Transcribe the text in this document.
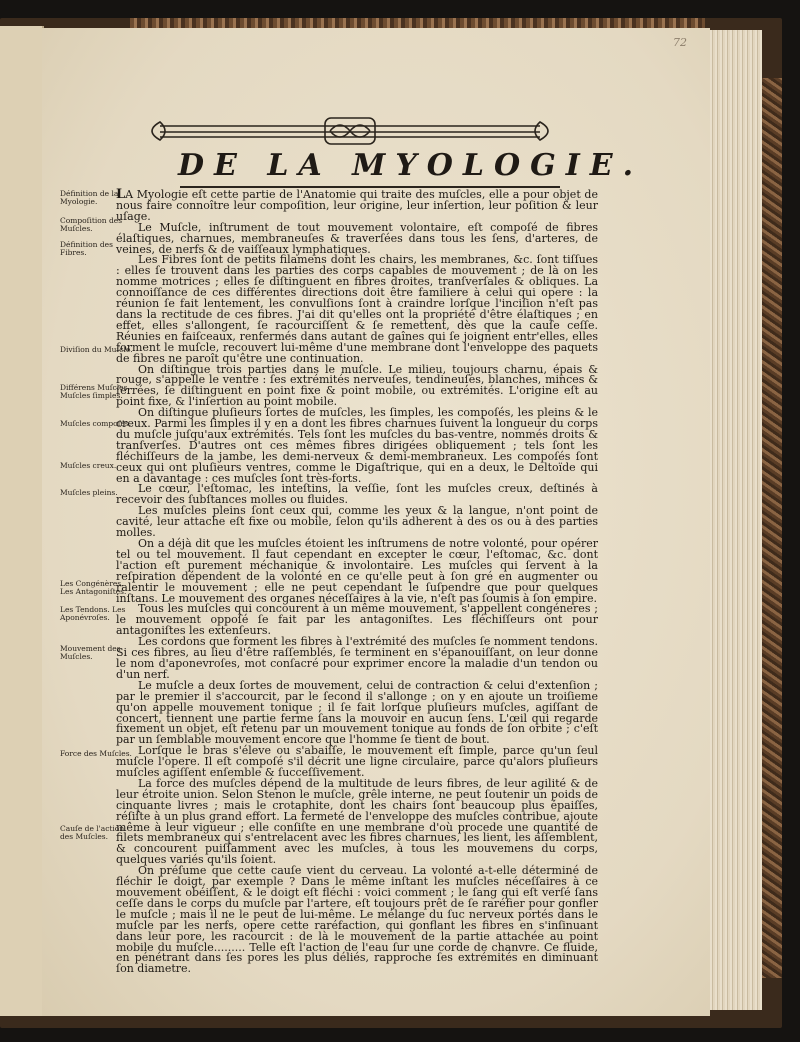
72
DE LA MYOLOGIE.
Définition de la Myologie.
Compoſition des Muſcles.
Définition des Fibres.
Diviſion du Muſcle.
Différens Muſcles. Muſcles ſimples.
Muſcles compoſés.
Muſcles creux.
Muſcles pleins.
Les Congénères. Les Antagoniſtes.
Les Tendons. Les Aponévroſes.
Mouvement des Muſcles.
Force des Muſcles.
Cauſe de l'action des Muſcles.

LA Myologie eſt cette partie de l'Anatomie qui traite des muſcles, elle a pour objet de nous faire connoître leur compoſition, leur origine, leur inſertion, leur poſition & leur uſage.

Le Muſcle, inſtrument de tout mouvement volontaire, eſt compoſé de fibres élaſtiques, charnues, membraneuſes & traverſées dans tous les ſens, d'arteres, de veines, de nerfs & de vaiſſeaux lymphatiques.

Les Fibres ſont de petits filamens dont les chairs, les membranes, &c. ſont tiſſues : elles ſe trouvent dans les parties des corps capables de mouvement ; de là on les nomme motrices ; elles ſe diſtinguent en fibres droites, tranſverſales & obliques. La connoiſſance de ces différentes directions doit être familiere à celui qui opere : la réunion ſe fait lentement, les convulſions ſont à craindre lorſque l'inciſion n'eſt pas dans la rectitude de ces fibres. J'ai dit qu'elles ont la propriété d'être élaſtiques ; en effet, elles s'allongent, ſe racourciſſent & ſe remettent, dès que la cauſe ceſſe. Réunies en faiſceaux, renfermés dans autant de gaînes qui ſe joignent entr'elles, elles forment le muſcle, recouvert lui-même d'une membrane dont l'enveloppe des paquets de fibres ne paroît qu'être une continuation.

On diſtingue trois parties dans le muſcle. Le milieu, toujours charnu, épais & rouge, s'appelle le ventre : ſes extrémités nerveuſes, tendineuſes, blanches, minces & ſerrées, ſe diſtinguent en point fixe & point mobile, ou extrémités. L'origine eſt au point fixe, & l'inſertion au point mobile.

On diſtingue pluſieurs ſortes de muſcles, les ſimples, les compoſés, les pleins & le creux. Parmi les ſimples il y en a dont les fibres charnues ſuivent la longueur du corps du muſcle juſqu'aux extrémités. Tels ſont les muſcles du bas-ventre, nommés droits & tranſverſes. D'autres ont ces mêmes fibres dirigées obliquement ; tels ſont les fléchiſſeurs de la jambe, les demi-nerveux & demi-membraneux. Les compoſés ſont ceux qui ont pluſieurs ventres, comme le Digaſtrique, qui en a deux, le Deltoïde qui en a davantage : ces muſcles ſont très-forts.

Le cœur, l'eſtomac, les inteſtins, la veſſie, ſont les muſcles creux, deſtinés à recevoir des ſubſtances molles ou fluides.

Les muſcles pleins ſont ceux qui, comme les yeux & la langue, n'ont point de cavité, leur attache eſt fixe ou mobile, ſelon qu'ils adherent à des os ou à des parties molles.

On a déjà dit que les muſcles étoient les inſtrumens de notre volonté, pour opérer tel ou tel mouvement. Il faut cependant en excepter le cœur, l'eſtomac, &c. dont l'action eſt purement méchanique & involontaire. Les muſcles qui ſervent à la reſpiration dépendent de la volonté en ce qu'elle peut à ſon gré en augmenter ou ralentir le mouvement ; elle ne peut cependant le ſuſpendre que pour quelques inſtans. Le mouvement des organes néceſſaires à la vie, n'eſt pas ſoumis à ſon empire.

Tous les muſcles qui concourent à un même mouvement, s'appellent congéneres ; le mouvement oppoſé ſe fait par les antagoniſtes. Les fléchiſſeurs ont pour antagoniſtes les extenſeurs.

Les cordons que forment les fibres à l'extrémité des muſcles ſe nomment tendons. Si ces fibres, au lieu d'être raſſemblés, ſe terminent en s'épanouiſſant, on leur donne le nom d'aponevroſes, mot conſacré pour exprimer encore la maladie d'un tendon ou d'un nerf.

Le muſcle a deux ſortes de mouvement, celui de contraction & celui d'extenſion ; par le premier il s'accourcit, par le ſecond il s'allonge ; on y en ajoute un troiſieme qu'on appelle mouvement tonique ; il ſe fait lorſque pluſieurs muſcles, agiſſant de concert, tiennent une partie ferme ſans la mouvoir en aucun ſens. L'œil qui regarde fixement un objet, eſt retenu par un mouvement tonique au fonds de ſon orbite ; c'eſt par un ſemblable mouvement encore que l'homme ſe tient de bout.

Lorſque le bras s'éleve ou s'abaiſſe, le mouvement eſt ſimple, parce qu'un ſeul muſcle l'opere. Il eſt compoſé s'il décrit une ligne circulaire, parce qu'alors pluſieurs muſcles agiſſent enſemble & ſucceſſivement.

La force des muſcles dépend de la multitude de leurs fibres, de leur agilité & de leur étroite union. Selon Stenon le muſcle, grêle interne, ne peut ſoutenir un poids de cinquante livres ; mais le crotaphite, dont les chairs ſont beaucoup plus épaiſſes, réſiſte à un plus grand effort. La fermeté de l'enveloppe des muſcles contribue, ajoute même à leur vigueur ; elle conſiſte en une membrane d'où procede une quantité de filets membraneux qui s'entrelacent avec les fibres charnues, les lient, les aſſemblent, & concourent puiſſamment avec les muſcles, à tous les mouvemens du corps, quelques variés qu'ils ſoient.

On préſume que cette cauſe vient du cerveau. La volonté a-t-elle déterminé de fléchir le doigt, par exemple ? Dans le même inſtant les muſcles néceſſaires à ce mouvement obéiſſent, & le doigt eſt fléchi : voici comment ; le ſang qui eſt verſé ſans ceſſe dans le corps du muſcle par l'artere, eſt toujours prêt de ſe raréfier pour gonfler le muſcle ; mais il ne le peut de lui-même. Le mélange du ſuc nerveux portés dans le muſcle par les nerfs, opere cette raréfaction, qui gonflant les fibres en s'inſinuant dans leur pore, les racourcit : de là le mouvement de la partie attachée au point mobile du muſcle......... Telle eſt l'action de l'eau ſur une corde de chanvre. Ce fluide, en pénétrant dans ſes pores les plus déliés, rapproche ſes extrémités en diminuant ſon diametre.
